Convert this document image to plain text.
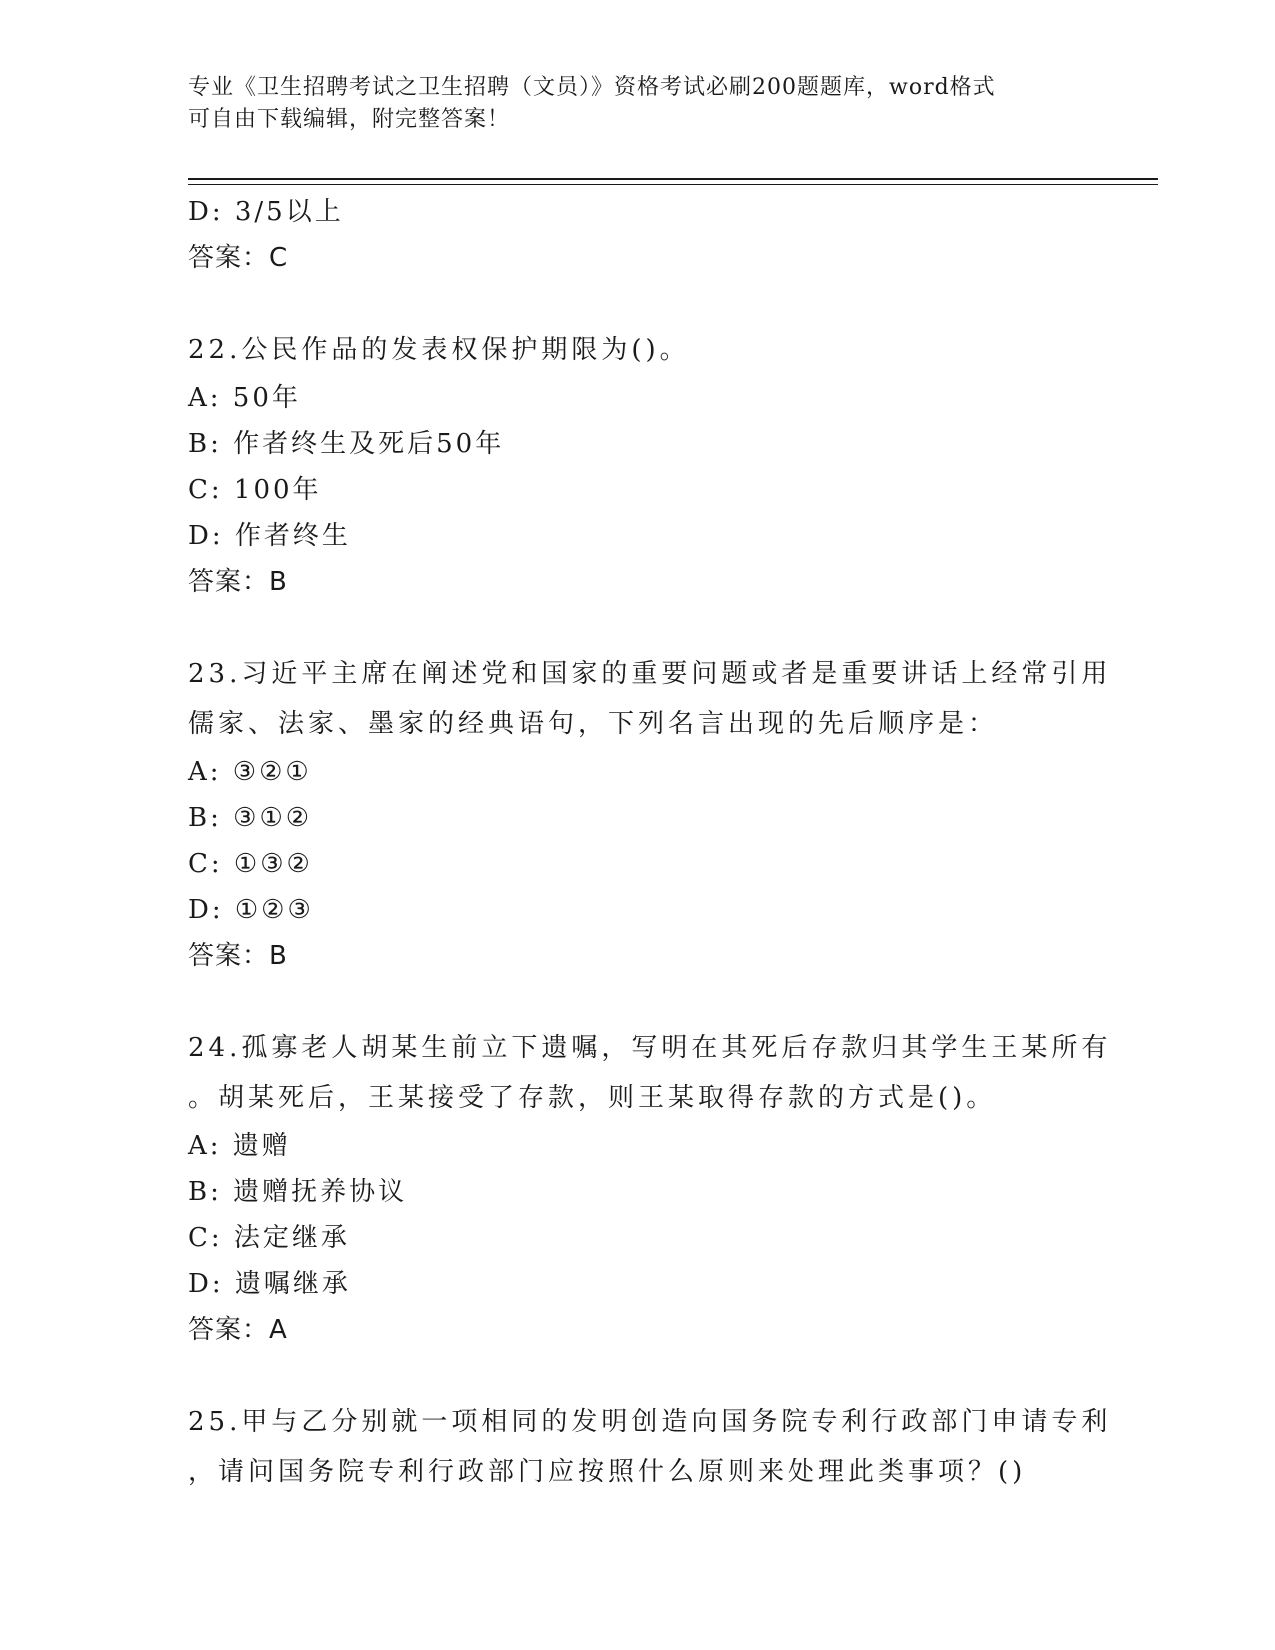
专业《卫生招聘考试之卫生招聘（文员）》资格考试必刷200题题库，word格式
可自由下载编辑，附完整答案！
D: 3/5以上
答案：C
22.公民作品的发表权保护期限为()。
A: 50年
B: 作者终生及死后50年
C: 100年
D: 作者终生
答案：B
23.习近平主席在阐述党和国家的重要问题或者是重要讲话上经常引用
儒家、法家、墨家的经典语句，下列名言出现的先后顺序是：
A: ③②①
B: ③①②
C: ①③②
D: ①②③
答案：B
24.孤寡老人胡某生前立下遗嘱，写明在其死后存款归其学生王某所有
。胡某死后，王某接受了存款，则王某取得存款的方式是()。
A: 遗赠
B: 遗赠抚养协议
C: 法定继承
D: 遗嘱继承
答案：A
25.甲与乙分别就一项相同的发明创造向国务院专利行政部门申请专利
，请问国务院专利行政部门应按照什么原则来处理此类事项？()
